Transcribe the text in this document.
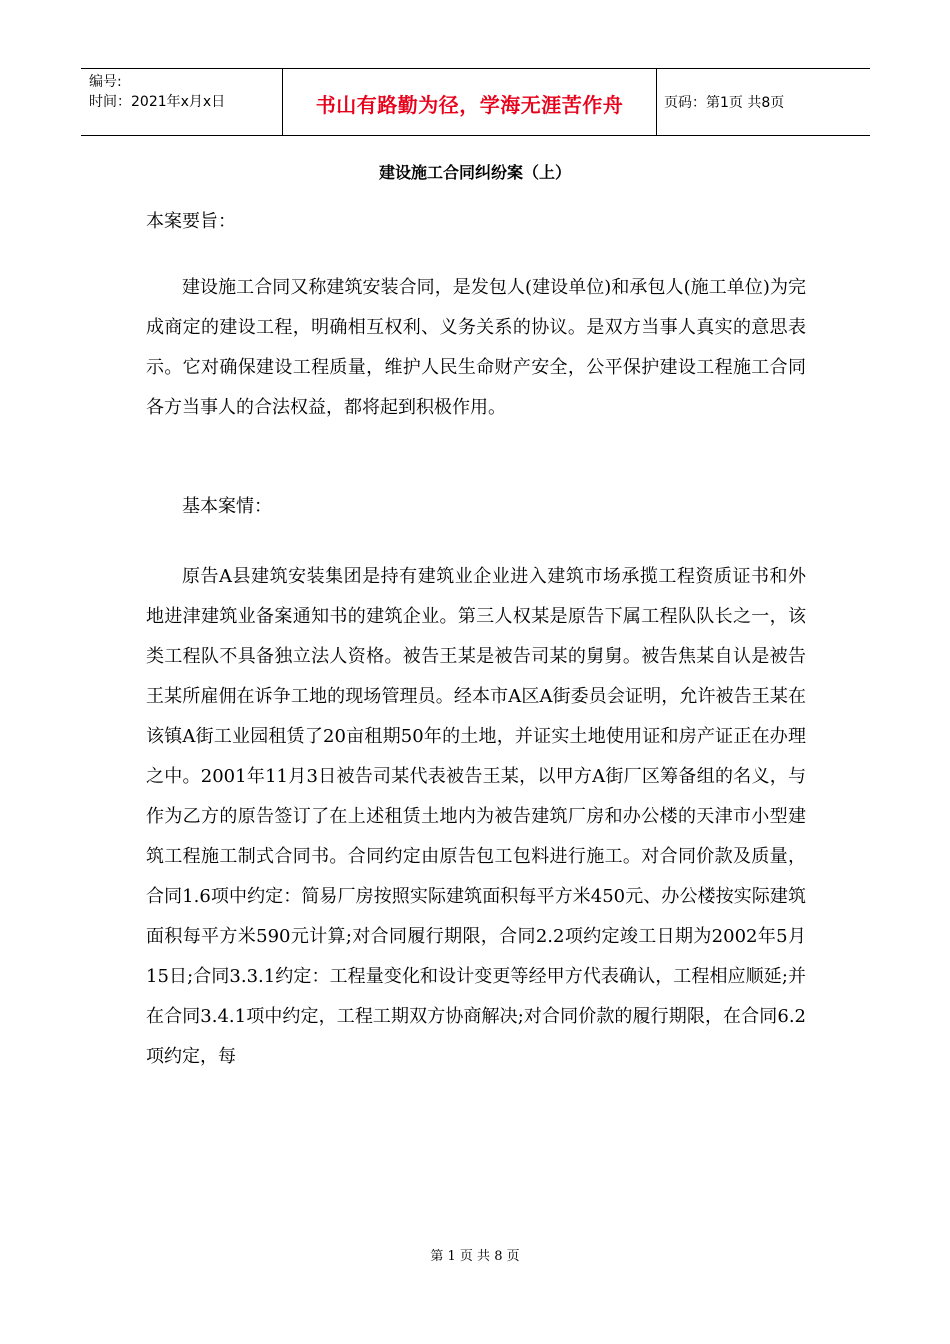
编号:
时间：2021年x月x日	书山有路勤为径，学海无涯苦作舟	页码：第1页 共8页
建设施工合同纠纷案（上）

本案要旨：

建设施工合同又称建筑安装合同，是发包人(建设单位)和承包人(施工单位)为完成商定的建设工程，明确相互权利、义务关系的协议。是双方当事人真实的意思表示。它对确保建设工程质量，维护人民生命财产安全，公平保护建设工程施工合同各方当事人的合法权益，都将起到积极作用。

基本案情：

原告A县建筑安装集团是持有建筑业企业进入建筑市场承揽工程资质证书和外地进津建筑业备案通知书的建筑企业。第三人权某是原告下属工程队队长之一，该类工程队不具备独立法人资格。被告王某是被告司某的舅舅。被告焦某自认是被告王某所雇佣在诉争工地的现场管理员。经本市A区A街委员会证明，允许被告王某在该镇A街工业园租赁了20亩租期50年的土地，并证实土地使用证和房产证正在办理之中。2001年11月3日被告司某代表被告王某，以甲方A街厂区筹备组的名义，与作为乙方的原告签订了在上述租赁土地内为被告建筑厂房和办公楼的天津市小型建筑工程施工制式合同书。合同约定由原告包工包料进行施工。对合同价款及质量，合同1.6项中约定：简易厂房按照实际建筑面积每平方米450元、办公楼按实际建筑面积每平方米590元计算;对合同履行期限，合同2.2项约定竣工日期为2002年5月15日;合同3.3.1约定：工程量变化和设计变更等经甲方代表确认，工程相应顺延;并在合同3.4.1项中约定，工程工期双方协商解决;对合同价款的履行期限，在合同6.2项约定，每

第 1 页 共 8 页
